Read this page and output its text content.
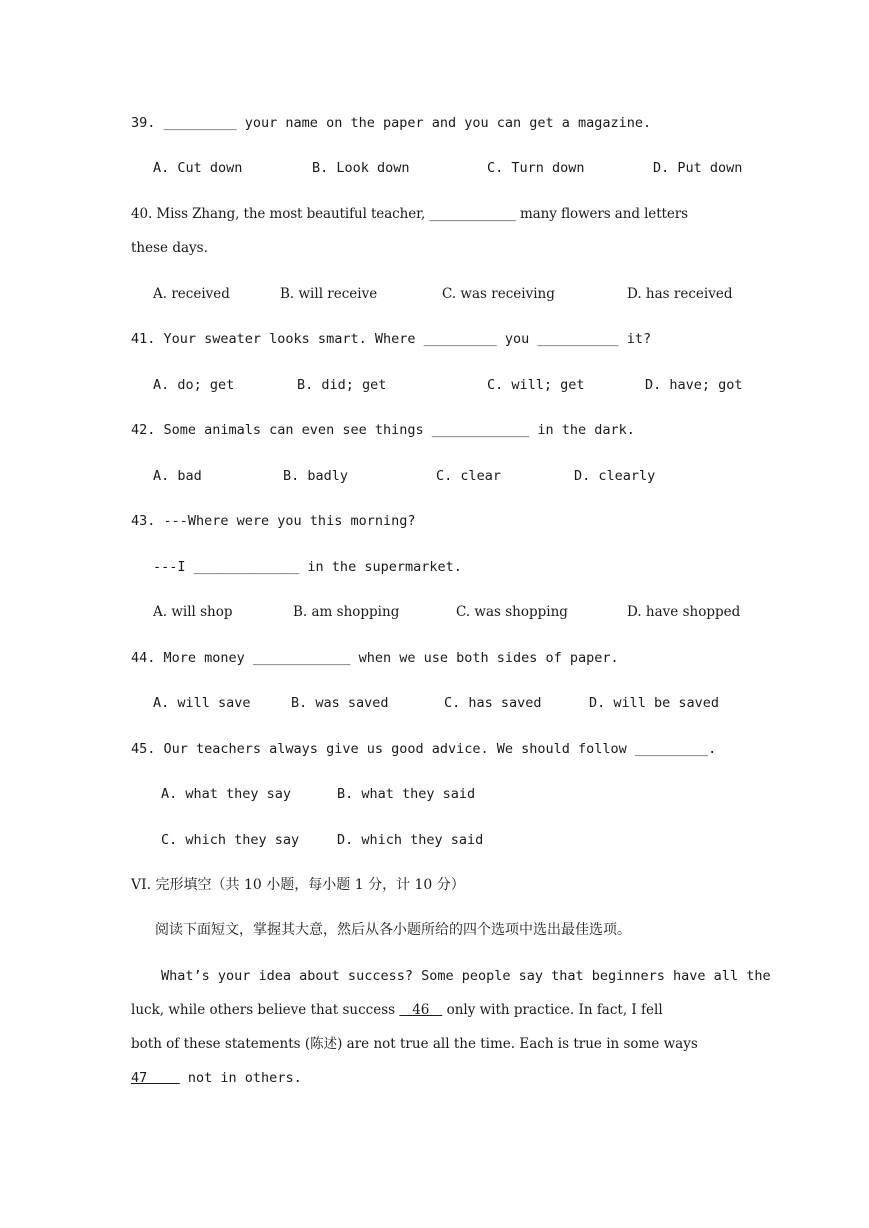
39. _________ your name on the paper and you can get a magazine.
A. Cut down	B. Look down	C. Turn down	D. Put down
40. Miss Zhang, the most beautiful teacher, _____________ many flowers and letters
these days.
A. received	B. will receive	C. was receiving	D. has received
41. Your sweater looks smart. Where _________ you __________ it?
A. do; get	B. did; get	C. will; get	D. have; got
42. Some animals can even see things ____________ in the dark.
A. bad	B. badly	C. clear	D. clearly
43. ---Where were you this morning?
---I _____________ in the supermarket.
A. will shop	B. am shopping	C. was shopping	D. have shopped
44. More money ____________ when we use both sides of paper.
A. will save	B. was saved	C. has saved	D. will be saved
45. Our teachers always give us good advice. We should follow _________.
A. what they say	B. what they said
C. which they say	D. which they said
VI. 完形填空（共 10 小题，每小题 1 分，计 10 分）
阅读下面短文，掌握其大意，然后从各小题所给的四个选项中选出最佳选项。
What’s your idea about success? Some people say that beginners have all the
luck, while others believe that success    46    only with practice. In fact, I fell
both of these statements (陈述) are not true all the time. Each is true in some ways
47     not in others.
